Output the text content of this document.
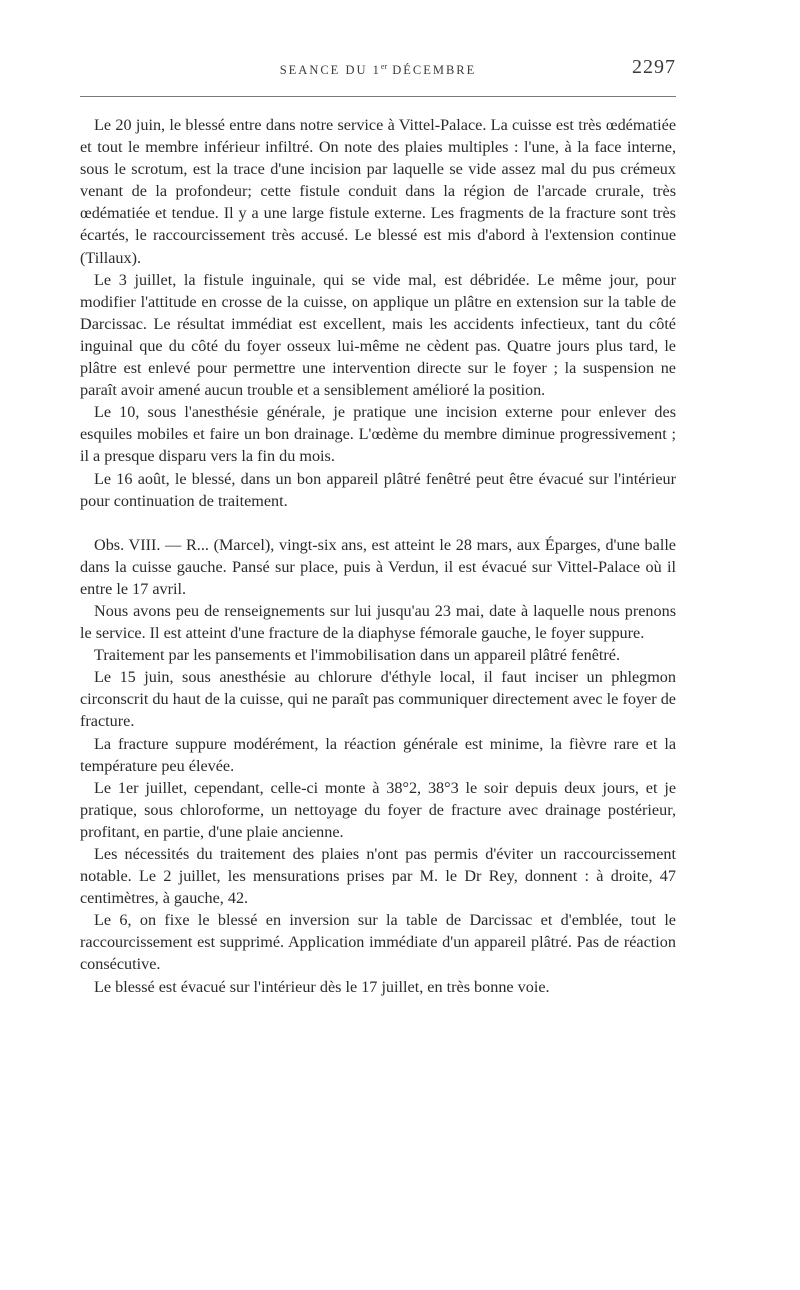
SEANCE DU 1er DÉCEMBRE	2297

Le 20 juin, le blessé entre dans notre service à Vittel-Palace. La cuisse est très œdématiée et tout le membre inférieur infiltré. On note des plaies multiples : l'une, à la face interne, sous le scrotum, est la trace d'une incision par laquelle se vide assez mal du pus crémeux venant de la profondeur; cette fistule conduit dans la région de l'arcade crurale, très œdématiée et tendue. Il y a une large fistule externe. Les fragments de la fracture sont très écartés, le raccourcissement très accusé. Le blessé est mis d'abord à l'extension continue (Tillaux).

Le 3 juillet, la fistule inguinale, qui se vide mal, est débridée. Le même jour, pour modifier l'attitude en crosse de la cuisse, on applique un plâtre en extension sur la table de Darcissac. Le résultat immédiat est excellent, mais les accidents infectieux, tant du côté inguinal que du côté du foyer osseux lui-même ne cèdent pas. Quatre jours plus tard, le plâtre est enlevé pour permettre une intervention directe sur le foyer ; la suspension ne paraît avoir amené aucun trouble et a sensiblement amélioré la position.

Le 10, sous l'anesthésie générale, je pratique une incision externe pour enlever des esquiles mobiles et faire un bon drainage. L'œdème du membre diminue progressivement ; il a presque disparu vers la fin du mois.

Le 16 août, le blessé, dans un bon appareil plâtré fenêtré peut être évacué sur l'intérieur pour continuation de traitement.

Obs. VIII. — R... (Marcel), vingt-six ans, est atteint le 28 mars, aux Éparges, d'une balle dans la cuisse gauche. Pansé sur place, puis à Verdun, il est évacué sur Vittel-Palace où il entre le 17 avril.

Nous avons peu de renseignements sur lui jusqu'au 23 mai, date à laquelle nous prenons le service. Il est atteint d'une fracture de la diaphyse fémorale gauche, le foyer suppure.

Traitement par les pansements et l'immobilisation dans un appareil plâtré fenêtré.

Le 15 juin, sous anesthésie au chlorure d'éthyle local, il faut inciser un phlegmon circonscrit du haut de la cuisse, qui ne paraît pas communiquer directement avec le foyer de fracture.

La fracture suppure modérément, la réaction générale est minime, la fièvre rare et la température peu élevée.

Le 1er juillet, cependant, celle-ci monte à 38°2, 38°3 le soir depuis deux jours, et je pratique, sous chloroforme, un nettoyage du foyer de fracture avec drainage postérieur, profitant, en partie, d'une plaie ancienne.

Les nécessités du traitement des plaies n'ont pas permis d'éviter un raccourcissement notable. Le 2 juillet, les mensurations prises par M. le Dr Rey, donnent : à droite, 47 centimètres, à gauche, 42.

Le 6, on fixe le blessé en inversion sur la table de Darcissac et d'emblée, tout le raccourcissement est supprimé. Application immédiate d'un appareil plâtré. Pas de réaction consécutive.

Le blessé est évacué sur l'intérieur dès le 17 juillet, en très bonne voie.
